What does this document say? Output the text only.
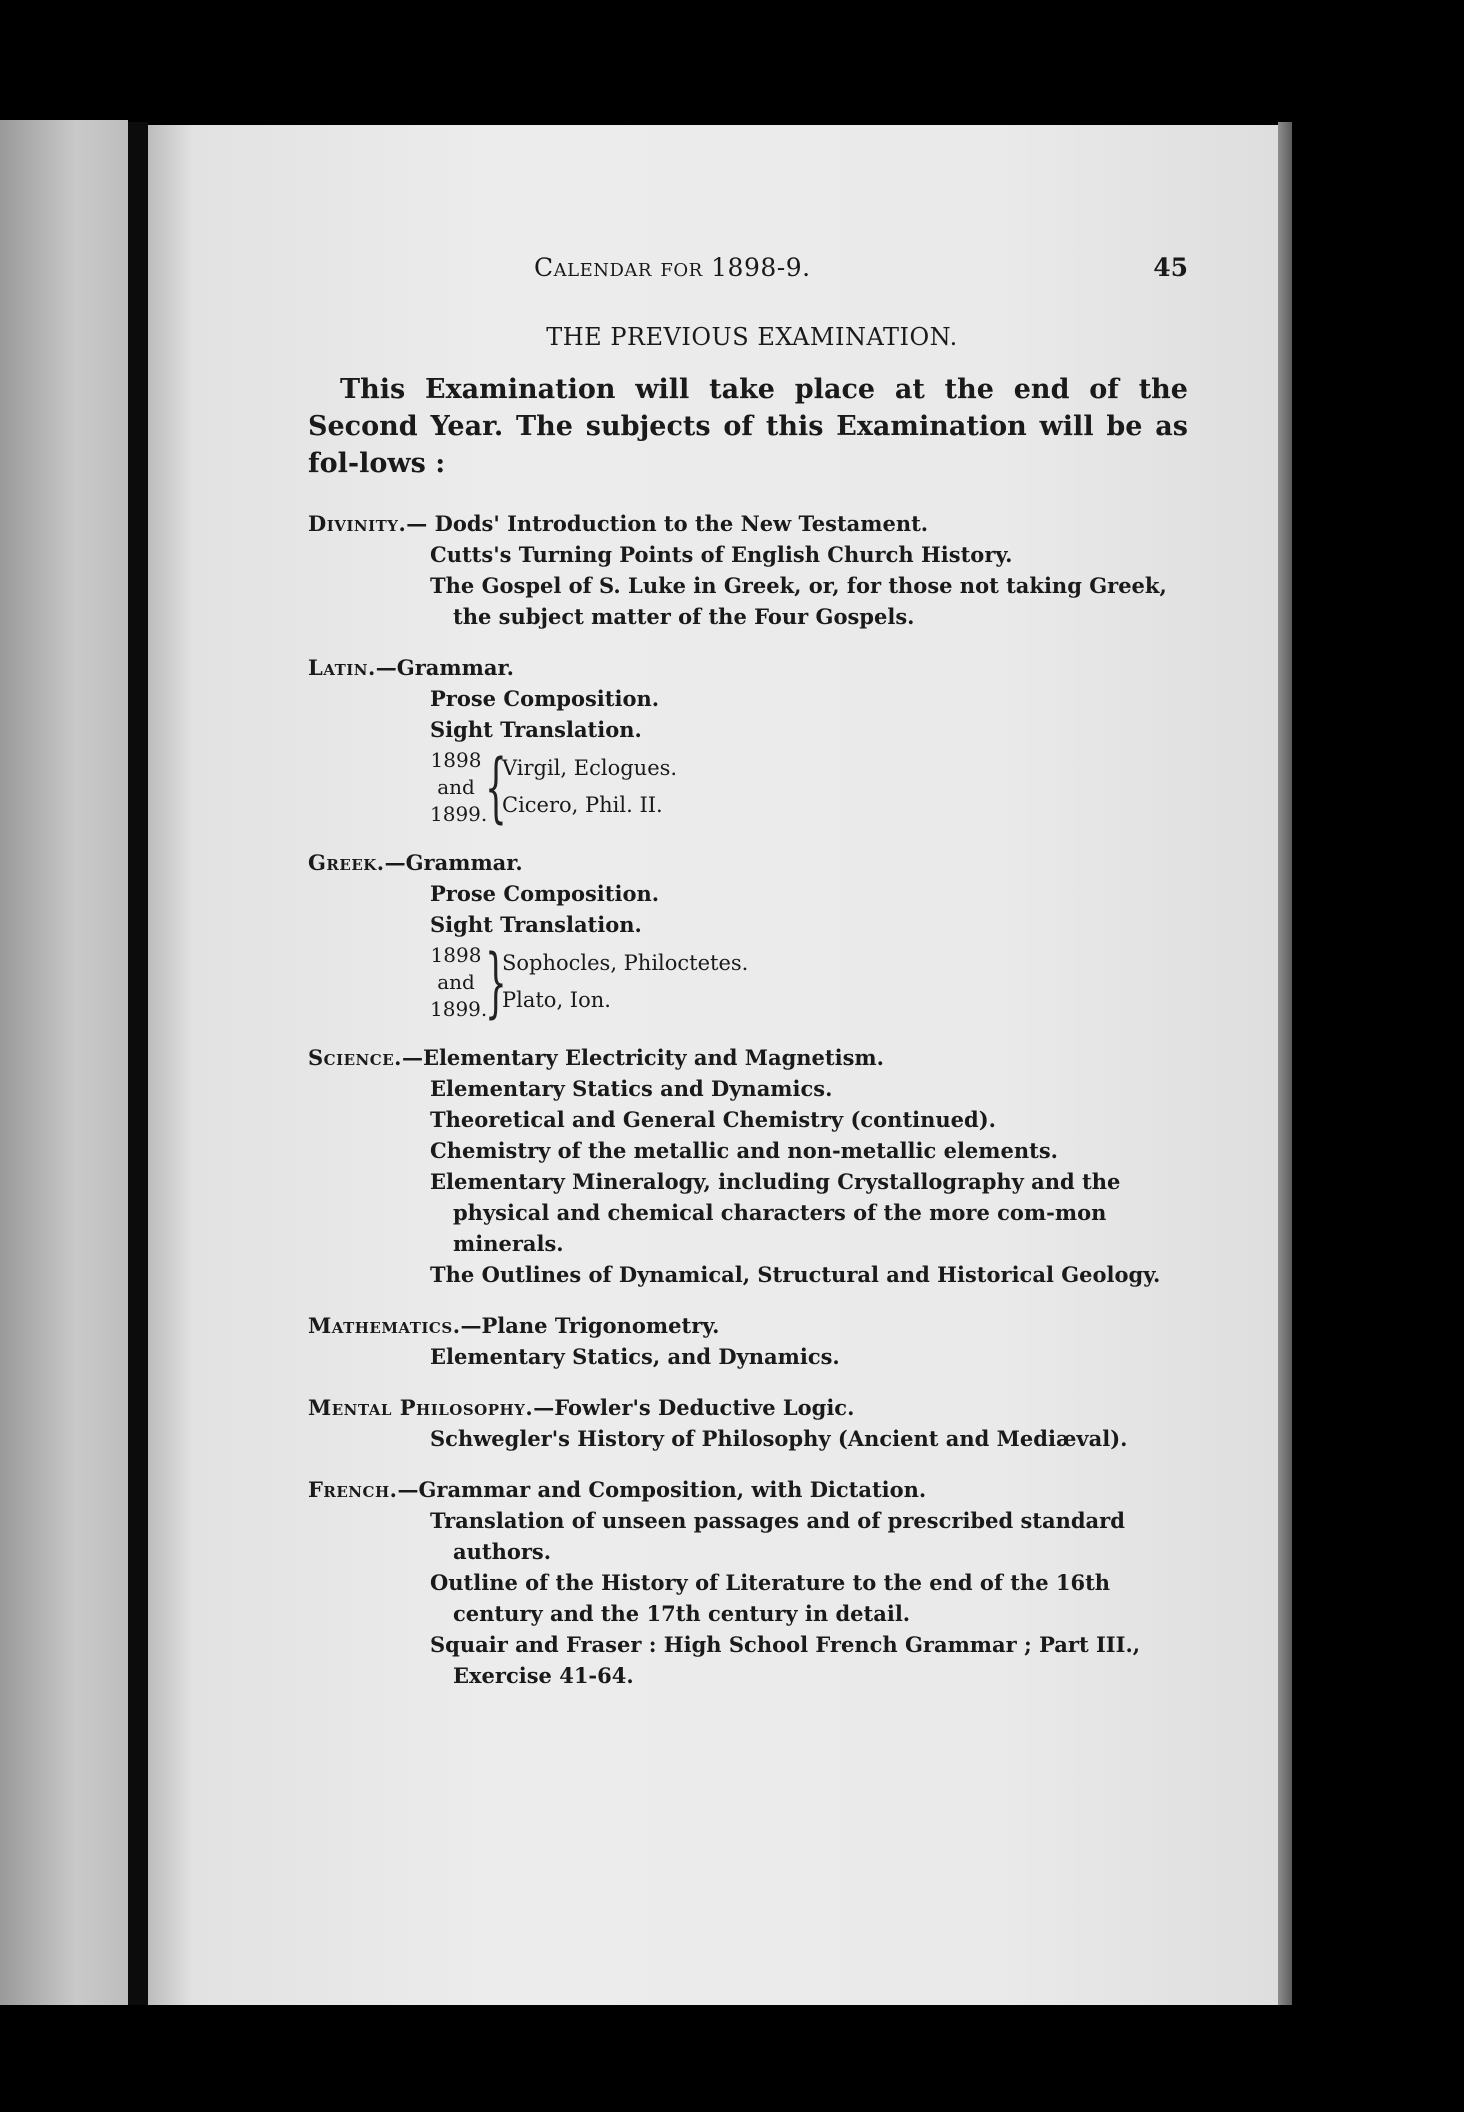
Calendar for 1898-9.	45
THE PREVIOUS EXAMINATION.
This Examination will take place at the end of the Second Year. The subjects of this Examination will be as fol-lows :
Divinity.— Dods' Introduction to the New Testament.
Cutts's Turning Points of English Church History.
The Gospel of S. Luke in Greek, or, for those not taking Greek, the subject matter of the Four Gospels.
Latin.—Grammar.
Prose Composition.
Sight Translation.
1898
and
1899.
{
Virgil, Eclogues.
Cicero, Phil. II.
Greek.—Grammar.
Prose Composition.
Sight Translation.
1898
and
1899.
}
Sophocles, Philoctetes.
Plato, Ion.
Science.—Elementary Electricity and Magnetism.
Elementary Statics and Dynamics.
Theoretical and General Chemistry (continued).
Chemistry of the metallic and non-metallic elements.
Elementary Mineralogy, including Crystallography and the physical and chemical characters of the more com-mon minerals.
The Outlines of Dynamical, Structural and Historical Geology.
Mathematics.—Plane Trigonometry.
Elementary Statics, and Dynamics.
Mental Philosophy.—Fowler's Deductive Logic.
Schwegler's History of Philosophy (Ancient and Mediæval).
French.—Grammar and Composition, with Dictation.
Translation of unseen passages and of prescribed standard authors.
Outline of the History of Literature to the end of the 16th century and the 17th century in detail.
Squair and Fraser : High School French Grammar ; Part III., Exercise 41-64.
